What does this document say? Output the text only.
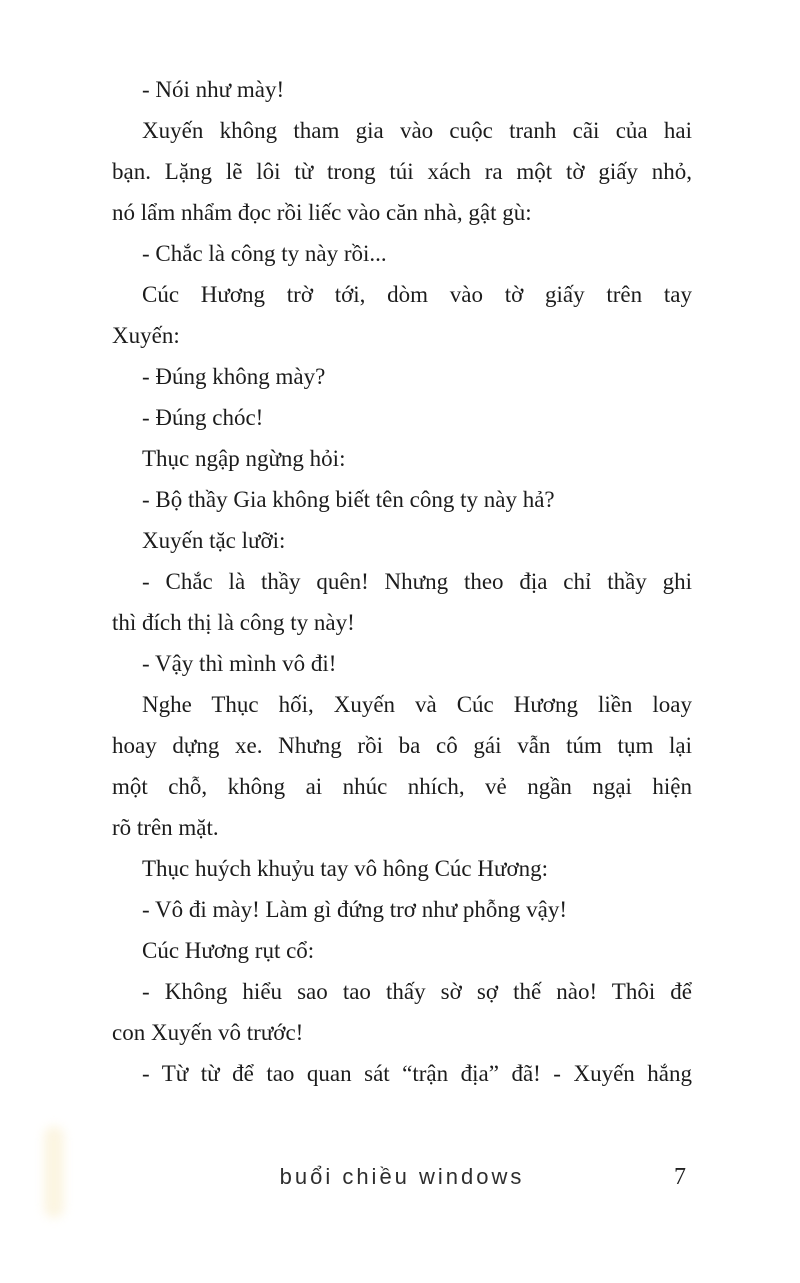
- Nói như mày!
Xuyến không tham gia vào cuộc tranh cãi của hai
bạn. Lặng lẽ lôi từ trong túi xách ra một tờ giấy nhỏ,
nó lẩm nhẩm đọc rồi liếc vào căn nhà, gật gù:
- Chắc là công ty này rồi...
Cúc Hương trờ tới, dòm vào tờ giấy trên tay
Xuyến:
- Đúng không mày?
- Đúng chóc!
Thục ngập ngừng hỏi:
- Bộ thầy Gia không biết tên công ty này hả?
Xuyến tặc lưỡi:
- Chắc là thầy quên! Nhưng theo địa chỉ thầy ghi
thì đích thị là công ty này!
- Vậy thì mình vô đi!
Nghe Thục hối, Xuyến và Cúc Hương liền loay
hoay dựng xe. Nhưng rồi ba cô gái vẫn túm tụm lại
một chỗ, không ai nhúc nhích, vẻ ngần ngại hiện
rõ trên mặt.
Thục huých khuỷu tay vô hông Cúc Hương:
- Vô đi mày! Làm gì đứng trơ như phỗng vậy!
Cúc Hương rụt cổ:
- Không hiểu sao tao thấy sờ sợ thế nào! Thôi để
con Xuyến vô trước!
- Từ từ để tao quan sát “trận địa” đã! - Xuyến hắng
buổi chiều windows	7
